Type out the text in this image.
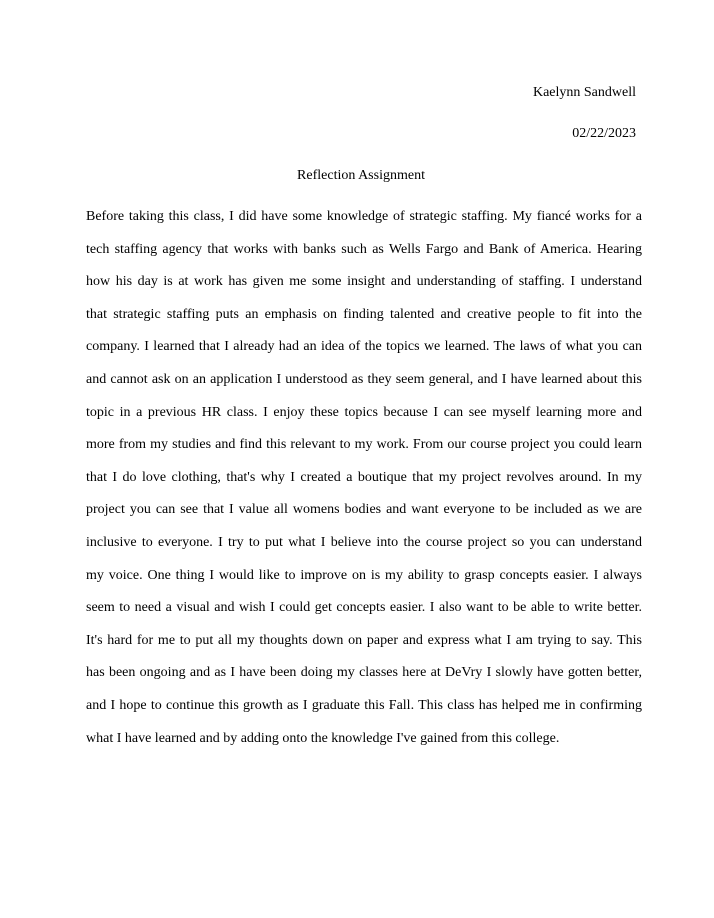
Kaelynn Sandwell
02/22/2023
Reflection Assignment
Before taking this class, I did have some knowledge of strategic staffing. My fiancé works for a
tech staffing agency that works with banks such as Wells Fargo and Bank of America. Hearing
how his day is at work has given me some insight and understanding of staffing. I understand
that strategic staffing puts an emphasis on finding talented and creative people to fit into the
company. I learned that I already had an idea of the topics we learned. The laws of what you can
and cannot ask on an application I understood as they seem general, and I have learned about this
topic in a previous HR class. I enjoy these topics because I can see myself learning more and
more from my studies and find this relevant to my work. From our course project you could learn
that I do love clothing, that's why I created a boutique that my project revolves around. In my
project you can see that I value all womens bodies and want everyone to be included as we are
inclusive to everyone. I try to put what I believe into the course project so you can understand
my voice. One thing I would like to improve on is my ability to grasp concepts easier. I always
seem to need a visual and wish I could get concepts easier. I also want to be able to write better.
It's hard for me to put all my thoughts down on paper and express what I am trying to say. This
has been ongoing and as I have been doing my classes here at DeVry I slowly have gotten better,
and I hope to continue this growth as I graduate this Fall. This class has helped me in confirming
what I have learned and by adding onto the knowledge I've gained from this college.
